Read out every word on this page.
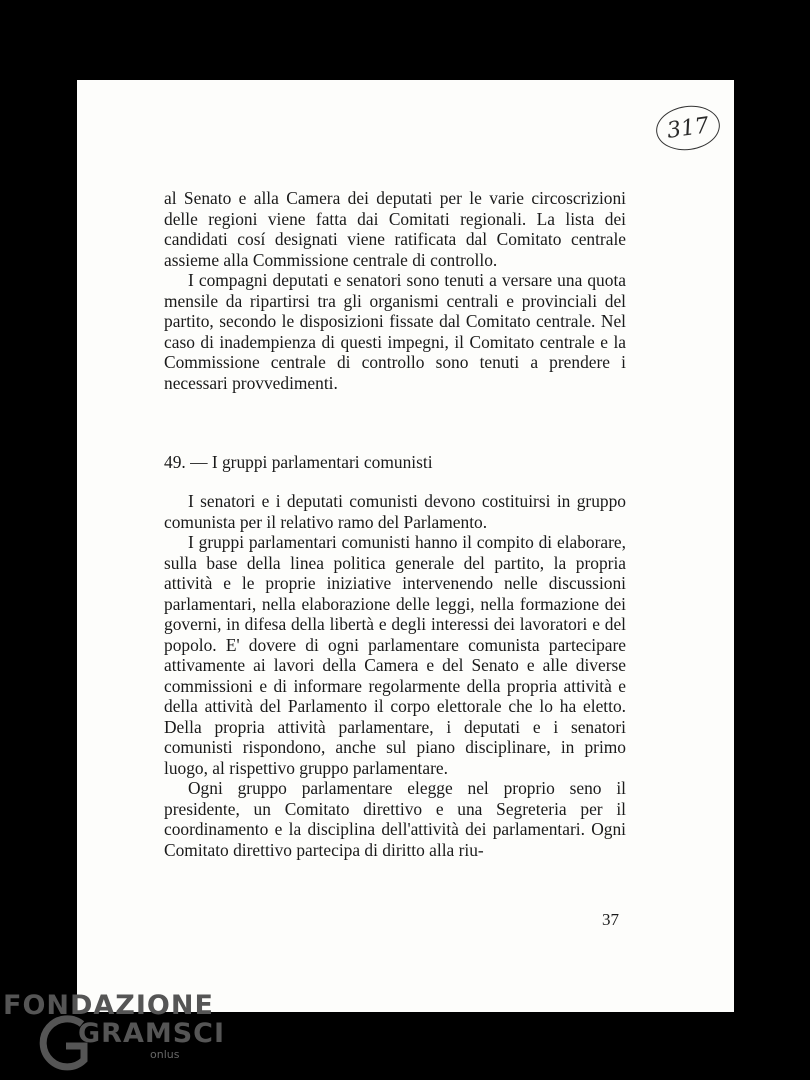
317

al Senato e alla Camera dei deputati per le varie circoscrizioni delle regioni viene fatta dai Comitati regionali. La lista dei candidati cosí designati viene ratificata dal Comitato centrale assieme alla Commissione centrale di controllo.

I compagni deputati e senatori sono tenuti a versare una quota mensile da ripartirsi tra gli organismi centrali e provinciali del partito, secondo le disposizioni fissate dal Comitato centrale. Nel caso di inadempienza di questi impegni, il Comitato centrale e la Commissione centrale di controllo sono tenuti a prendere i necessari provvedimenti.

49. — I gruppi parlamentari comunisti

I senatori e i deputati comunisti devono costituirsi in gruppo comunista per il relativo ramo del Parlamento.

I gruppi parlamentari comunisti hanno il compito di elaborare, sulla base della linea politica generale del partito, la propria attività e le proprie iniziative intervenendo nelle discussioni parlamentari, nella elaborazione delle leggi, nella formazione dei governi, in difesa della libertà e degli interessi dei lavoratori e del popolo. E' dovere di ogni parlamentare comunista partecipare attivamente ai lavori della Camera e del Senato e alle diverse commissioni e di informare regolarmente della propria attività e della attività del Parlamento il corpo elettorale che lo ha eletto. Della propria attività parlamentare, i deputati e i senatori comunisti rispondono, anche sul piano disciplinare, in primo luogo, al rispettivo gruppo parlamentare.

Ogni gruppo parlamentare elegge nel proprio seno il presidente, un Comitato direttivo e una Segreteria per il coordinamento e la disciplina dell'attività dei parlamentari. Ogni Comitato direttivo partecipa di diritto alla riu-

37
FONDAZIONE
GRAMSCI
onlus
